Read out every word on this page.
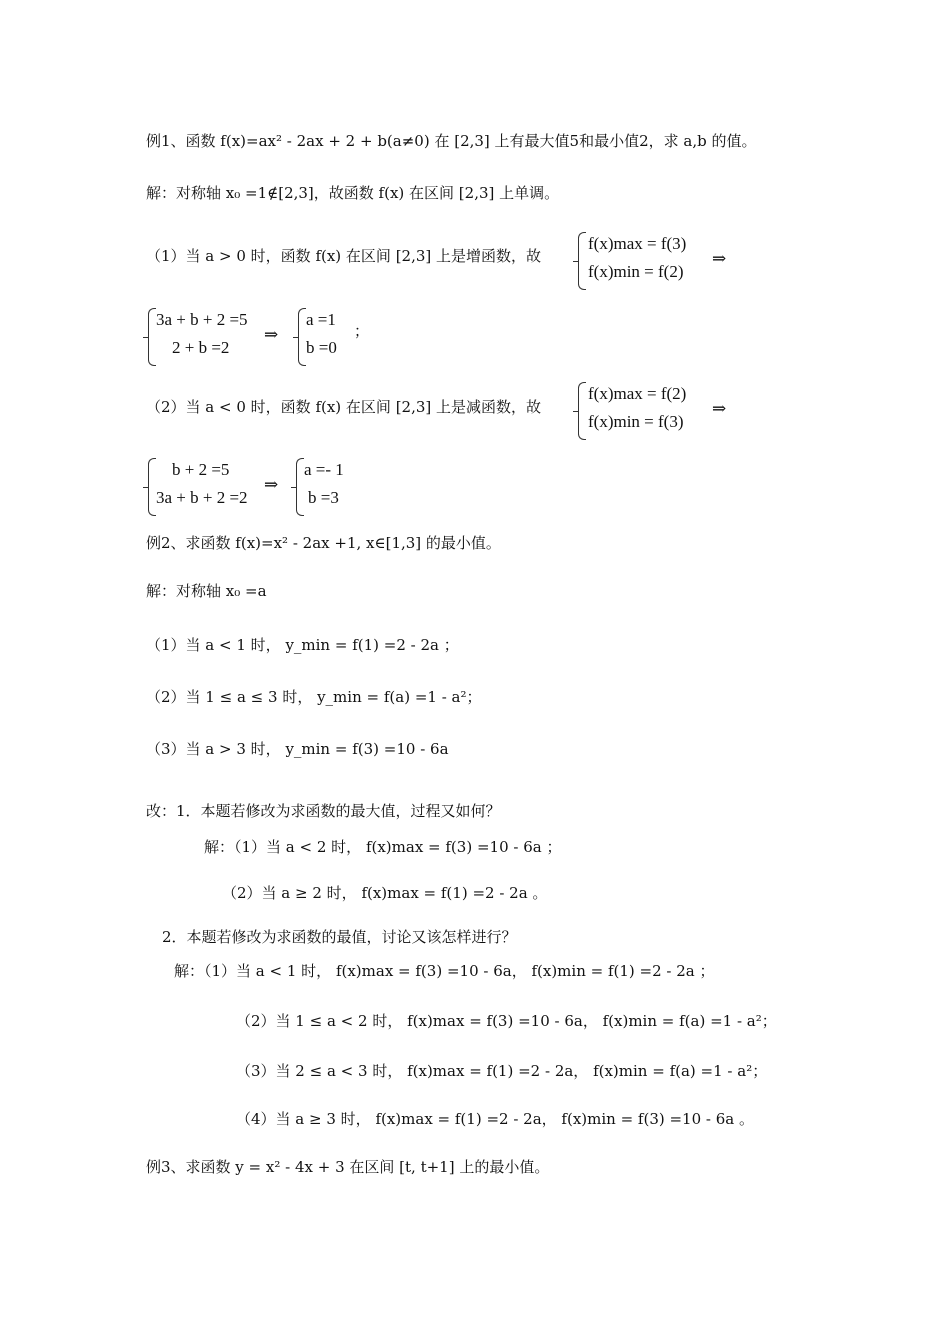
例1、函数 f(x)=ax² - 2ax + 2 + b(a≠0) 在 [2,3] 上有最大值5和最小值2，求 a,b 的值。
解：对称轴 x₀ =1∉[2,3]，故函数 f(x) 在区间 [2,3] 上单调。
（1）当 a > 0 时，函数 f(x) 在区间 [2,3] 上是增函数，故
f(x)max = f(3)
f(x)min = f(2)
⇒
3a + b + 2 =5
2 + b =2
⇒
a =1
b =0
；
（2）当 a < 0 时，函数 f(x) 在区间 [2,3] 上是减函数，故
f(x)max = f(2)
f(x)min = f(3)
⇒
b + 2 =5
3a + b + 2 =2
⇒
a =- 1
b =3
例2、求函数 f(x)=x² - 2ax +1, x∈[1,3] 的最小值。
解：对称轴 x₀ =a
（1）当 a < 1 时， y_min = f(1) =2 - 2a ；
（2）当 1 ≤ a ≤ 3 时， y_min = f(a) =1 - a²；
（3）当 a > 3 时， y_min = f(3) =10 - 6a
改：1．本题若修改为求函数的最大值，过程又如何？
解：（1）当 a < 2 时， f(x)max = f(3) =10 - 6a ；
（2）当 a ≥ 2 时， f(x)max = f(1) =2 - 2a 。
2．本题若修改为求函数的最值，讨论又该怎样进行？
解：（1）当 a < 1 时， f(x)max = f(3) =10 - 6a， f(x)min = f(1) =2 - 2a ；
（2）当 1 ≤ a < 2 时， f(x)max = f(3) =10 - 6a， f(x)min = f(a) =1 - a²；
（3）当 2 ≤ a < 3 时， f(x)max = f(1) =2 - 2a， f(x)min = f(a) =1 - a²；
（4）当 a ≥ 3 时， f(x)max = f(1) =2 - 2a， f(x)min = f(3) =10 - 6a 。
例3、求函数 y = x² - 4x + 3 在区间 [t, t+1] 上的最小值。
